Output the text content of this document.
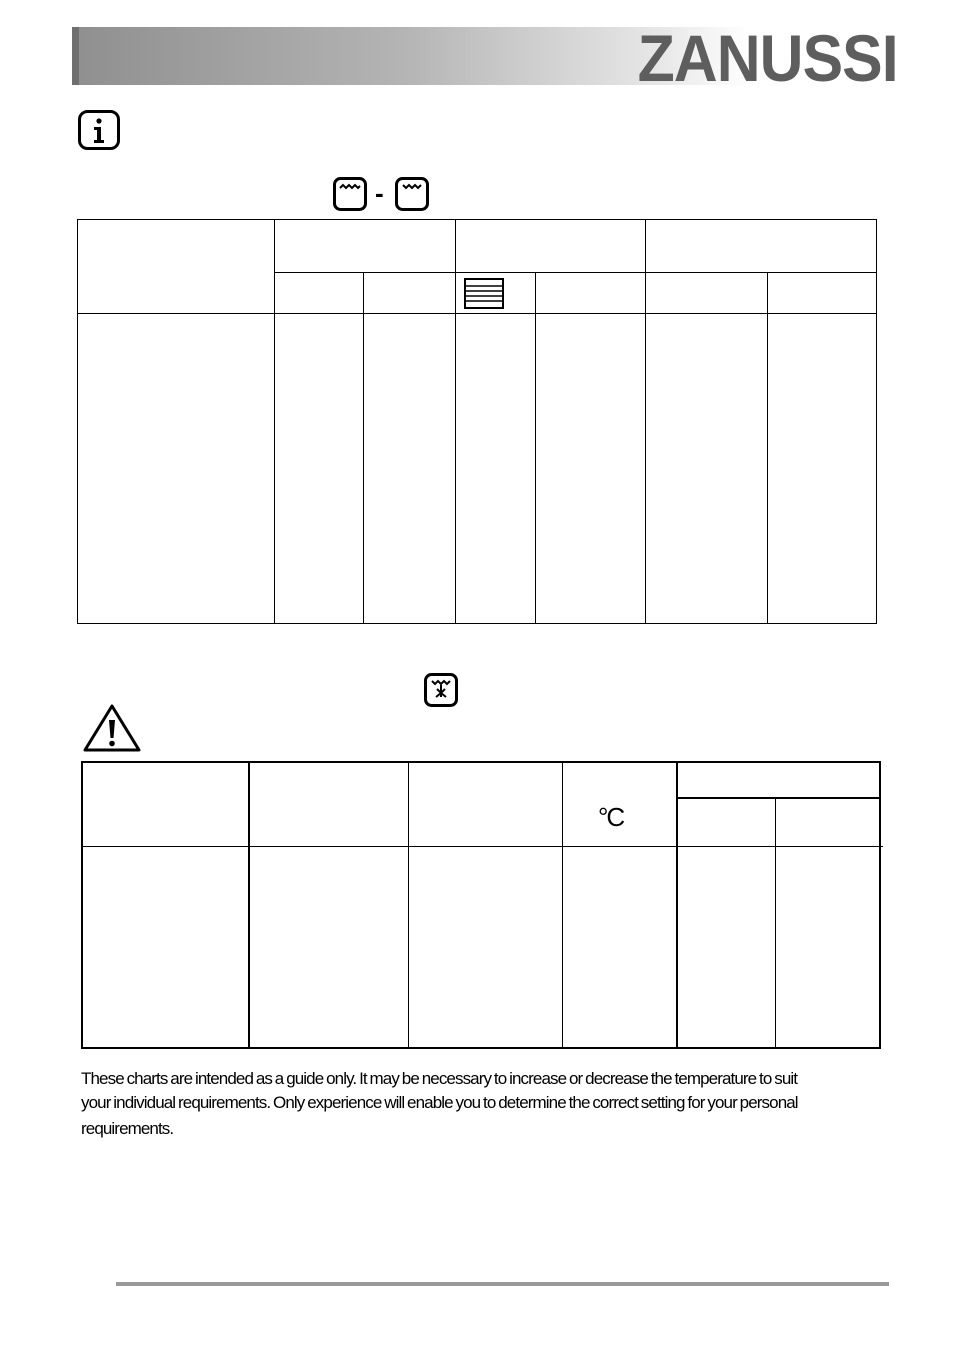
ZANUSSI
-
°C

These charts are intended as a guide only. It may be necessary to increase or decrease the temperature to suit

your individual requirements. Only experience will enable you to determine the correct setting for your personal

requirements.
